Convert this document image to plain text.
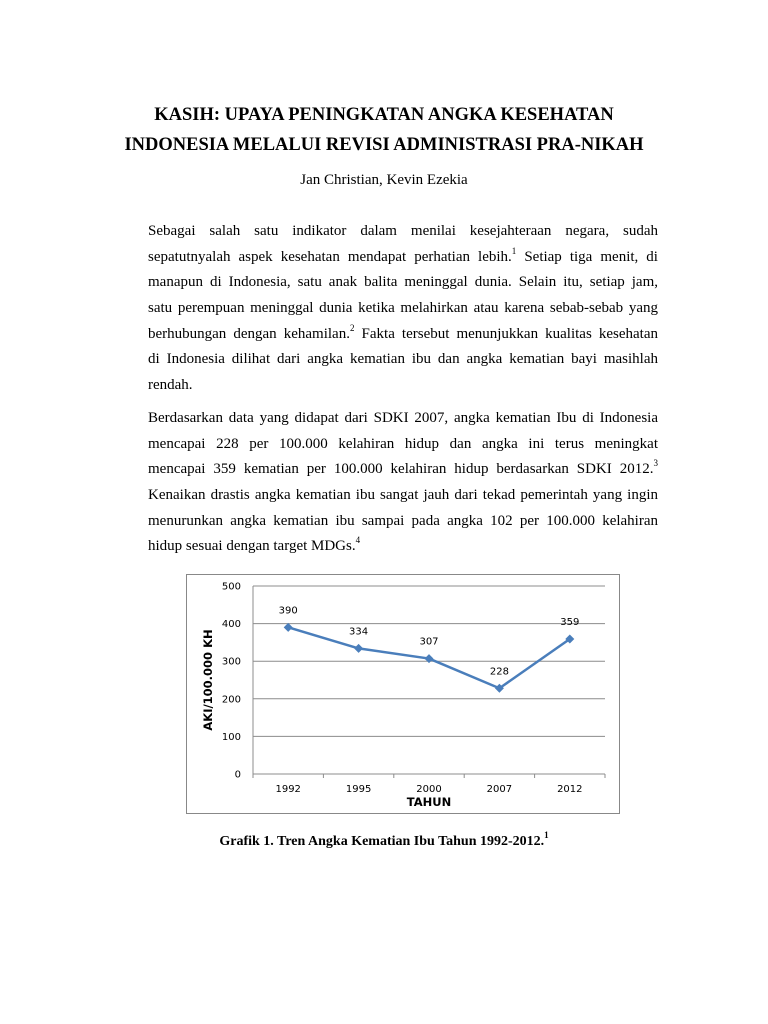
KASIH: UPAYA PENINGKATAN ANGKA KESEHATAN
INDONESIA MELALUI REVISI ADMINISTRASI PRA-NIKAH
Jan Christian, Kevin Ezekia
Sebagai salah satu indikator dalam menilai kesejahteraan negara, sudah
sepatutnyalah aspek kesehatan mendapat perhatian lebih.$^1$ Setiap tiga menit, di
manapun di Indonesia, satu anak balita meninggal dunia. Selain itu, setiap jam,
satu perempuan meninggal dunia ketika melahirkan atau karena sebab-sebab yang
berhubungan dengan kehamilan.$^2$ Fakta tersebut menunjukkan kualitas kesehatan
di Indonesia dilihat dari angka kematian ibu dan angka kematian bayi masihlah
rendah.
Berdasarkan data yang didapat dari SDKI 2007, angka kematian Ibu di Indonesia
mencapai 228 per 100.000 kelahiran hidup dan angka ini terus meningkat
mencapai 359 kematian per 100.000 kelahiran hidup berdasarkan SDKI 2012.$^3$
Kenaikan drastis angka kematian ibu sangat jauh dari tekad pemerintah yang ingin
menurunkan angka kematian ibu sampai pada angka 102 per 100.000 kelahiran
hidup sesuai dengan target MDGs.$^4$
0
100
200
300
400
500
1992	1995	2000	2007	2012
390
334
307
228
359
TAHUN
AKI/100.000 KH
Grafik 1. Tren Angka Kematian Ibu Tahun 1992-2012.$^1$
